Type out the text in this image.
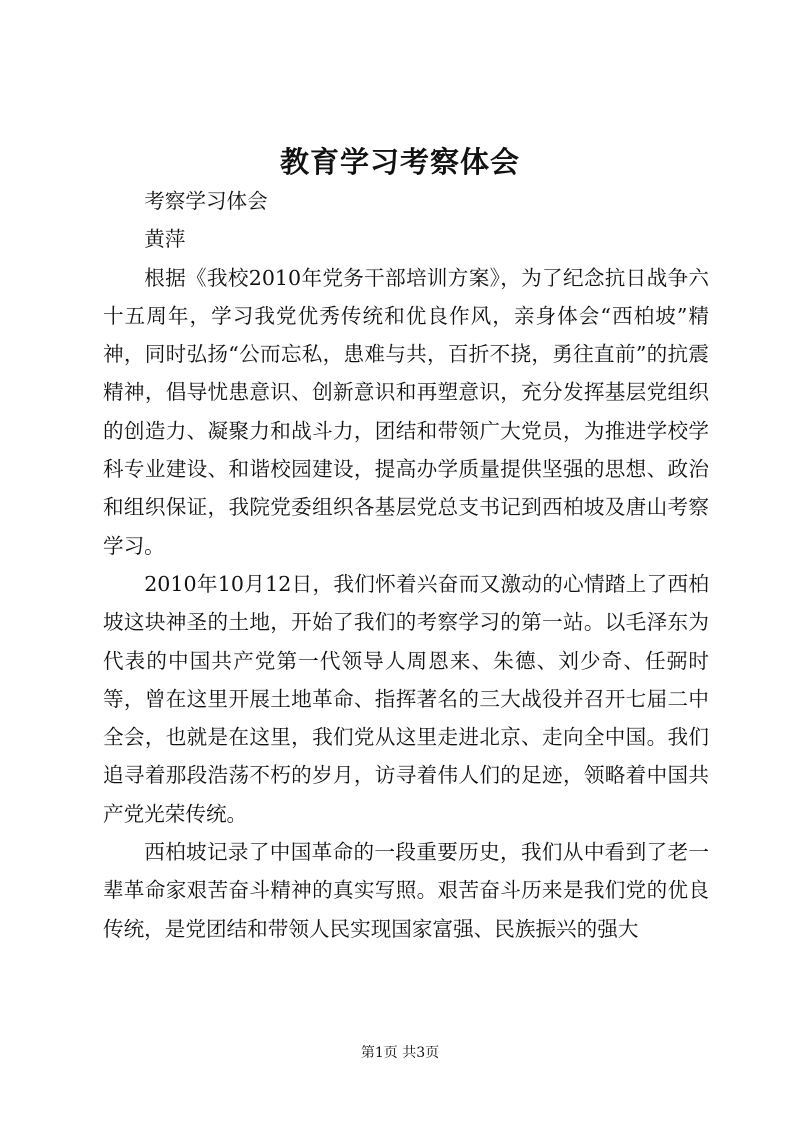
教育学习考察体会

考察学习体会

黄萍

根据《我校2010年党务干部培训方案》，为了纪念抗日战争六十五周年，学习我党优秀传统和优良作风，亲身体会“西柏坡”精神，同时弘扬“公而忘私，患难与共，百折不挠，勇往直前”的抗震精神，倡导忧患意识、创新意识和再塑意识，充分发挥基层党组织的创造力、凝聚力和战斗力，团结和带领广大党员，为推进学校学科专业建设、和谐校园建设，提高办学质量提供坚强的思想、政治和组织保证，我院党委组织各基层党总支书记到西柏坡及唐山考察学习。

2010年10月12日，我们怀着兴奋而又激动的心情踏上了西柏坡这块神圣的土地，开始了我们的考察学习的第一站。以毛泽东为代表的中国共产党第一代领导人周恩来、朱德、刘少奇、任弼时等，曾在这里开展土地革命、指挥著名的三大战役并召开七届二中全会，也就是在这里，我们党从这里走进北京、走向全中国。我们追寻着那段浩荡不朽的岁月，访寻着伟人们的足迹，领略着中国共产党光荣传统。

西柏坡记录了中国革命的一段重要历史，我们从中看到了老一辈革命家艰苦奋斗精神的真实写照。艰苦奋斗历来是我们党的优良传统，是党团结和带领人民实现国家富强、民族振兴的强大

第1页 共3页
